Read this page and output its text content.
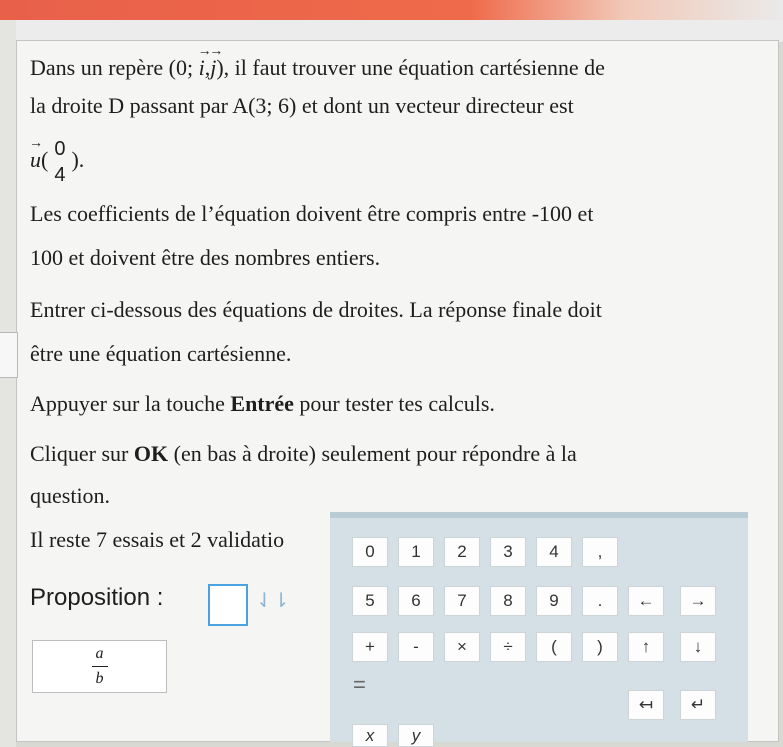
Dans un repère (0; → i,→ j), il faut trouver une équation cartésienne de
la droite D passant par A(3; 6) et dont un vecteur directeur est
→ u( 0
4
).
Les coefficients de l’équation doivent être compris entre -100 et
100 et doivent être des nombres entiers.
Entrer ci-dessous des équations de droites. La réponse finale doit
être une équation cartésienne.
Appuyer sur la touche Entrée pour tester tes calculs.
Cliquer sur OK (en bas à droite) seulement pour répondre à la
question.
Il reste 7 essais et 2 validatio
Proposition :	⇃⇂
a
b
0	1	2	3	4	,
5	6	7	8	9	.	←	→
+	-	×	÷	(	)	↑	↓
=
↤	↵
x	y
